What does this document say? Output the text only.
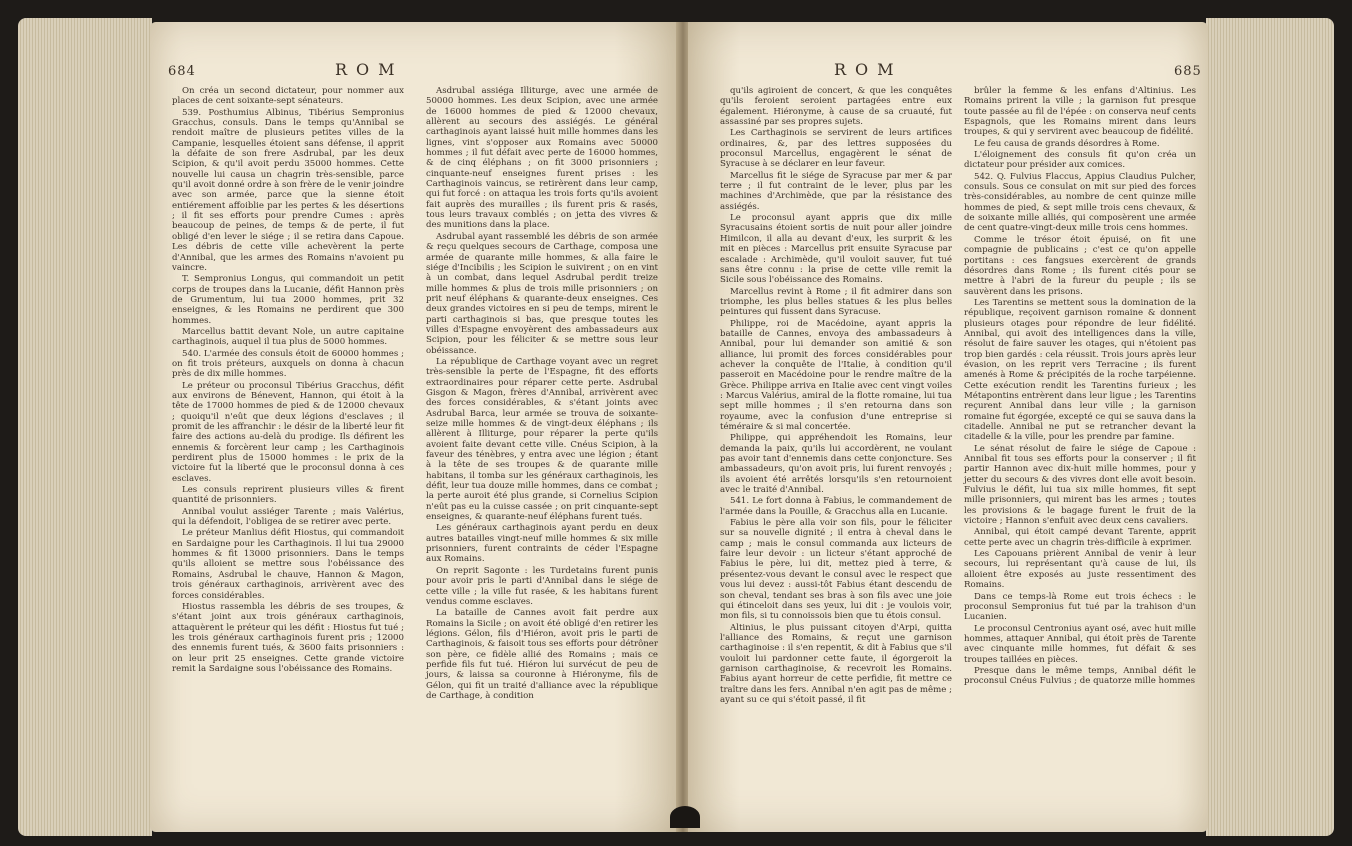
684	ROM

On créa un second dictateur, pour nommer aux places de cent soixante-sept sénateurs.

539. Posthumius Albinus, Tibérius Sempronius Gracchus, consuls. Dans le temps qu'Annibal se rendoit maître de plusieurs petites villes de la Campanie, lesquelles étoient sans défense, il apprit la défaite de son frere Asdrubal, par les deux Scipion, & qu'il avoit perdu 35000 hommes. Cette nouvelle lui causa un chagrin très-sensible, parce qu'il avoit donné ordre à son frère de le venir joindre avec son armée, parce que la sienne étoit entiérement affoiblie par les pertes & les désertions ; il fit ses efforts pour prendre Cumes : après beaucoup de peines, de temps & de perte, il fut obligé d'en lever le siége ; il se retira dans Capoue. Les débris de cette ville achevèrent la perte d'Annibal, que les armes des Romains n'avoient pu vaincre.

T. Sempronius Longus, qui commandoit un petit corps de troupes dans la Lucanie, défit Hannon près de Grumentum, lui tua 2000 hommes, prit 32 enseignes, & les Romains ne perdirent que 300 hommes.

Marcellus battit devant Nole, un autre capitaine carthaginois, auquel il tua plus de 5000 hommes.

540. L'armée des consuls étoit de 60000 hommes ; on fit trois préteurs, auxquels on donna à chacun près de dix mille hommes.

Le préteur ou proconsul Tibérius Gracchus, défit aux environs de Bénevent, Hannon, qui étoit à la tête de 17000 hommes de pied & de 12000 chevaux ; quoiqu'il n'eût que deux légions d'esclaves ; il promit de les affranchir : le désir de la liberté leur fit faire des actions au-delà du prodige. Ils défirent les ennemis & forcèrent leur camp ; les Carthaginois perdirent plus de 15000 hommes : le prix de la victoire fut la liberté que le proconsul donna à ces esclaves.

Les consuls reprirent plusieurs villes & firent quantité de prisonniers.

Annibal voulut assiéger Tarente ; mais Valérius, qui la défendoit, l'obligea de se retirer avec perte.

Le préteur Manlius défit Hiostus, qui commandoit en Sardaigne pour les Carthaginois. Il lui tua 29000 hommes & fit 13000 prisonniers. Dans le temps qu'ils alloient se mettre sous l'obéissance des Romains, Asdrubal le chauve, Hannon & Magon, trois généraux carthaginois, arrivèrent avec des forces considérables.

Hiostus rassembla les débris de ses troupes, & s'étant joint aux trois généraux carthaginois, attaquèrent le préteur qui les défit : Hiostus fut tué ; les trois généraux carthaginois furent pris ; 12000 des ennemis furent tués, & 3600 faits prisonniers : on leur prit 25 enseignes. Cette grande victoire remit la Sardaigne sous l'obéissance des Romains.

Asdrubal assiéga Illiturge, avec une armée de 50000 hommes. Les deux Scipion, avec une armée de 16000 hommes de pied & 12000 chevaux, allèrent au secours des assiégés. Le général carthaginois ayant laissé huit mille hommes dans les lignes, vint s'opposer aux Romains avec 50000 hommes ; il fut défait avec perte de 16000 hommes, & de cinq éléphans ; on fit 3000 prisonniers ; cinquante-neuf enseignes furent prises : les Carthaginois vaincus, se retirèrent dans leur camp, qui fut forcé : on attaqua les trois forts qu'ils avoient fait auprès des murailles ; ils furent pris & rasés, tous leurs travaux comblés ; on jetta des vivres & des munitions dans la place.

Asdrubal ayant rassemblé les débris de son armée & reçu quelques secours de Carthage, composa une armée de quarante mille hommes, & alla faire le siége d'Incibilis ; les Scipion le suivirent ; on en vint à un combat, dans lequel Asdrubal perdit treize mille hommes & plus de trois mille prisonniers ; on prit neuf éléphans & quarante-deux enseignes. Ces deux grandes victoires en si peu de temps, mirent le parti carthaginois si bas, que presque toutes les villes d'Espagne envoyèrent des ambassadeurs aux Scipion, pour les féliciter & se mettre sous leur obéissance.

La république de Carthage voyant avec un regret très-sensible la perte de l'Espagne, fit des efforts extraordinaires pour réparer cette perte. Asdrubal Gisgon & Magon, frères d'Annibal, arrivèrent avec des forces considérables, & s'étant joints avec Asdrubal Barca, leur armée se trouva de soixante-seize mille hommes & de vingt-deux éléphans ; ils allèrent à Illiturge, pour réparer la perte qu'ils avoient faite devant cette ville. Cnéus Scipion, à la faveur des ténèbres, y entra avec une légion ; étant à la tête de ses troupes & de quarante mille habitans, il tomba sur les généraux carthaginois, les défit, leur tua douze mille hommes, dans ce combat ; la perte auroit été plus grande, si Cornelius Scipion n'eût pas eu la cuisse cassée ; on prit cinquante-sept enseignes, & quarante-neuf éléphans furent tués.

Les généraux carthaginois ayant perdu en deux autres batailles vingt-neuf mille hommes & six mille prisonniers, furent contraints de céder l'Espagne aux Romains.

On reprit Sagonte : les Turdetains furent punis pour avoir pris le parti d'Annibal dans le siége de cette ville ; la ville fut rasée, & les habitans furent vendus comme esclaves.

La bataille de Cannes avoit fait perdre aux Romains la Sicile ; on avoit été obligé d'en retirer les légions. Gélon, fils d'Hiéron, avoit pris le parti de Carthaginois, & faisoit tous ses efforts pour détrôner son père, ce fidèle allié des Romains ; mais ce perfide fils fut tué. Hiéron lui survécut de peu de jours, & laissa sa couronne à Hiéronyme, fils de Gélon, qui fit un traité d'alliance avec la république de Carthage, à condition

ROM	685

qu'ils agiroient de concert, & que les conquêtes qu'ils feroient seroient partagées entre eux également. Hiéronyme, à cause de sa cruauté, fut assassiné par ses propres sujets.

Les Carthaginois se servirent de leurs artifices ordinaires, &, par des lettres supposées du proconsul Marcellus, engagèrent le sénat de Syracuse à se déclarer en leur faveur.

Marcellus fit le siége de Syracuse par mer & par terre ; il fut contraint de le lever, plus par les machines d'Archimède, que par la résistance des assiégés.

Le proconsul ayant appris que dix mille Syracusains étoient sortis de nuit pour aller joindre Himilcon, il alla au devant d'eux, les surprit & les mit en pièces : Marcellus prit ensuite Syracuse par escalade : Archimède, qu'il vouloit sauver, fut tué sans être connu : la prise de cette ville remit la Sicile sous l'obéissance des Romains.

Marcellus revint à Rome ; il fit admirer dans son triomphe, les plus belles statues & les plus belles peintures qui fussent dans Syracuse.

Philippe, roi de Macédoine, ayant appris la bataille de Cannes, envoya des ambassadeurs à Annibal, pour lui demander son amitié & son alliance, lui promit des forces considérables pour achever la conquête de l'Italie, à condition qu'il passeroit en Macédoine pour le rendre maître de la Grèce. Philippe arriva en Italie avec cent vingt voiles : Marcus Valérius, amiral de la flotte romaine, lui tua sept mille hommes ; il s'en retourna dans son royaume, avec la confusion d'une entreprise si téméraire & si mal concertée.

Philippe, qui appréhendoit les Romains, leur demanda la paix, qu'ils lui accordèrent, ne voulant pas avoir tant d'ennemis dans cette conjoncture. Ses ambassadeurs, qu'on avoit pris, lui furent renvoyés ; ils avoient été arrêtés lorsqu'ils s'en retournoient avec le traité d'Annibal.

541. Le fort donna à Fabius, le commandement de l'armée dans la Pouille, & Gracchus alla en Lucanie.

Fabius le père alla voir son fils, pour le féliciter sur sa nouvelle dignité ; il entra à cheval dans le camp ; mais le consul commanda aux licteurs de faire leur devoir : un licteur s'étant approché de Fabius le père, lui dit, mettez pied à terre, & présentez-vous devant le consul avec le respect que vous lui devez : aussi-tôt Fabius étant descendu de son cheval, tendant ses bras à son fils avec une joie qui étinceloit dans ses yeux, lui dit : je voulois voir, mon fils, si tu connoissois bien que tu étois consul.

Altinius, le plus puissant citoyen d'Arpi, quitta l'alliance des Romains, & reçut une garnison carthaginoise : il s'en repentit, & dit à Fabius que s'il vouloit lui pardonner cette faute, il égorgeroit la garnison carthaginoise, & recevroit les Romains. Fabius ayant horreur de cette perfidie, fit mettre ce traître dans les fers. Annibal n'en agit pas de même ; ayant su ce qui s'étoit passé, il fit

brûler la femme & les enfans d'Altinius. Les Romains prirent la ville ; la garnison fut presque toute passée au fil de l'épée : on conserva neuf cents Espagnols, que les Romains mirent dans leurs troupes, & qui y servirent avec beaucoup de fidélité.

Le feu causa de grands désordres à Rome.

L'éloignement des consuls fit qu'on créa un dictateur pour présider aux comices.

542. Q. Fulvius Flaccus, Appius Claudius Pulcher, consuls. Sous ce consulat on mit sur pied des forces très-considérables, au nombre de cent quinze mille hommes de pied, & sept mille trois cens chevaux, & de soixante mille alliés, qui composèrent une armée de cent quatre-vingt-deux mille trois cens hommes.

Comme le trésor étoit épuisé, on fit une compagnie de publicains ; c'est ce qu'on appelle portitans : ces fangsues exercèrent de grands désordres dans Rome ; ils furent cités pour se mettre à l'abri de la fureur du peuple ; ils se sauvèrent dans les prisons.

Les Tarentins se mettent sous la domination de la république, reçoivent garnison romaine & donnent plusieurs otages pour répondre de leur fidélité. Annibal, qui avoit des intelligences dans la ville, résolut de faire sauver les otages, qui n'étoient pas trop bien gardés : cela réussit. Trois jours après leur évasion, on les reprit vers Terracine ; ils furent amenés à Rome & précipités de la roche tarpéienne. Cette exécution rendit les Tarentins furieux ; les Métapontins entrèrent dans leur ligue ; les Tarentins reçurent Annibal dans leur ville ; la garnison romaine fut égorgée, excepté ce qui se sauva dans la citadelle. Annibal ne put se retrancher devant la citadelle & la ville, pour les prendre par famine.

Le sénat résolut de faire le siége de Capoue : Annibal fit tous ses efforts pour la conserver ; il fit partir Hannon avec dix-huit mille hommes, pour y jetter du secours & des vivres dont elle avoit besoin. Fulvius le défit, lui tua six mille hommes, fit sept mille prisonniers, qui mirent bas les armes ; toutes les provisions & le bagage furent le fruit de la victoire ; Hannon s'enfuit avec deux cens cavaliers.

Annibal, qui étoit campé devant Tarente, apprit cette perte avec un chagrin très-difficile à exprimer.

Les Capouans prièrent Annibal de venir à leur secours, lui représentant qu'à cause de lui, ils alloient être exposés au juste ressentiment des Romains.

Dans ce temps-là Rome eut trois échecs : le proconsul Sempronius fut tué par la trahison d'un Lucanien.

Le proconsul Centronius ayant osé, avec huit mille hommes, attaquer Annibal, qui étoit près de Tarente avec cinquante mille hommes, fut défait & ses troupes taillées en pièces.

Presque dans le même temps, Annibal défit le proconsul Cnéus Fulvius ; de quatorze mille hommes
